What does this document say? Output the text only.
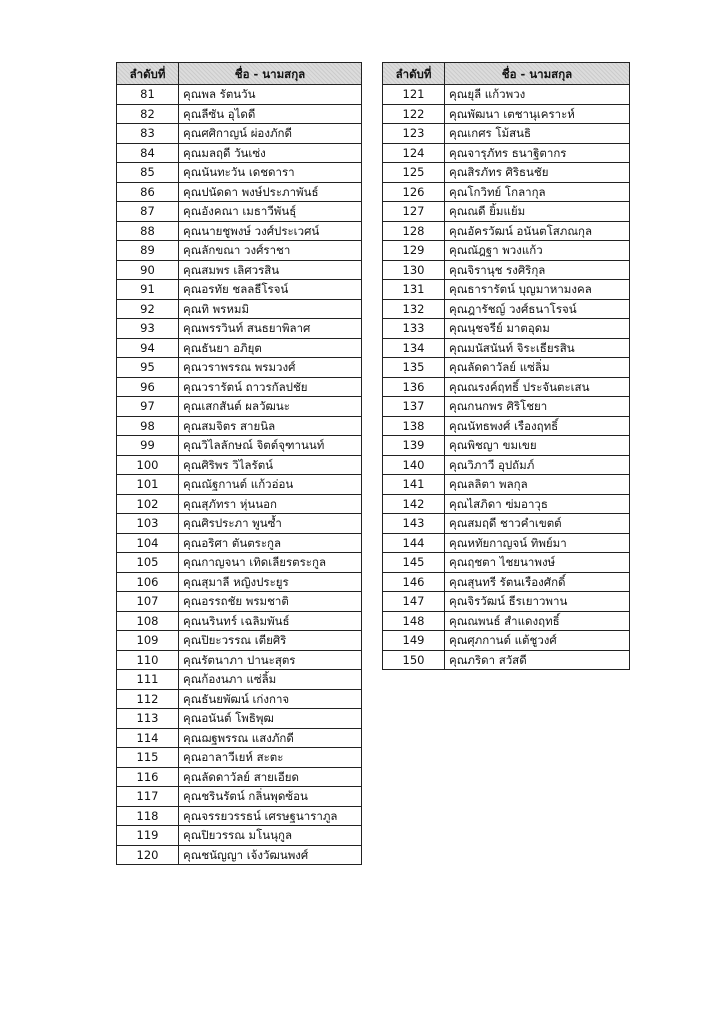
ลำดับที่	ชื่อ - นามสกุล
81	คุณพล รัตนวัน
82	คุณลีซัน อุไดดี
83	คุณศศิกาญน์ ผ่องภักดี
84	คุณมลฤดี วันเซ่ง
85	คุณนันทะวัน เดชดารา
86	คุณปนัดดา พงษ์ประภาพันธ์
87	คุณอังคณา เมธาวีพันธุ์
88	คุณนายชูพงษ์ วงศ์ประเวศน์
89	คุณลักขณา วงศ์ราชา
90	คุณสมพร เลิศวรสิน
91	คุณอรทัย ชลลธีโรจน์
92	คุณทิ พรหมมิ
93	คุณพรรวินท์ สนธยาพิลาศ
94	คุณธันยา อภิยุต
95	คุณวราพรรณ พรมวงศ์
96	คุณวรารัตน์ ถาวรกัลปชัย
97	คุณเสกสันต์ ผลวัฒนะ
98	คุณสมจิตร สายนิล
99	คุณวิไลลักษณ์ จิตต์จุฑานนท์
100	คุณศิริพร วิไลรัตน์
101	คุณณัฐกานต์ แก้วอ่อน
102	คุณสุภัทรา หุ่นนอก
103	คุณศิรประภา พูนซ้ำ
104	คุณอริศา ตันตระกูล
105	คุณกาญจนา เทิดเลียรตระกูล
106	คุณสุมาลี หญิงประยูร
107	คุณอรรถชัย พรมชาติ
108	คุณนรินทร์ เฉลิมพันธ์
109	คุณปิยะวรรณ เตียศิริ
110	คุณรัตนาภา ปานะสุตร
111	คุณก้องนภา แซ่ลิ้ม
112	คุณธันยพัฒน์ เก่งกาจ
113	คุณอนันต์ โพธิพุฒ
114	คุณฌฐพรรณ แสงภักดี
115	คุณอาลาวีเยห์ สะตะ
116	คุณลัดดาวัลย์ สายเอียด
117	คุณชรินรัตน์ กลิ่นพุดซ้อน
118	คุณจรรยวรรธน์ เศรษฐนาราภูล
119	คุณปิยวรรณ มโนนุกูล
120	คุณชนัญญา เจ้งวัฒนพงศ์
ลำดับที่	ชื่อ - นามสกุล
121	คุณยุลี แก้วพวง
122	คุณพัฒนา เตชานุเคราะห์
123	คุณเกศร โม้สนธิ
124	คุณจารุภัทร ธนาฐิตากร
125	คุณสิรภัทร ศิริธนชัย
126	คุณโกวิทย์ โกลากุล
127	คุณณดี ยิ้มแย้ม
128	คุณอัครวัฒน์ อนันตโสภณกุล
129	คุณณัฎฐา พวงแก้ว
130	คุณจิรานุช รงศิริกุล
131	คุณธารารัตน์ บุญมาหามงคล
132	คุณฎารัชญ์ วงศ์ธนาโรจน์
133	คุณนุชจรีย์ มาตอุดม
134	คุณมนัสนันท์ จิระเธียรสิน
135	คุณลัดดาวัลย์ แซ่ลิ่ม
136	คุณณรงค์ฤทธิ์ ประจันตะเสน
137	คุณกนกพร ศิริโชยา
138	คุณนัทธพงศ์ เรืองฤทธิ์
139	คุณพิชญา ขมเขย
140	คุณวิภาวี อุปถัมภ์
141	คุณลลิตา พลกุล
142	คุณไสภิดา ฃ่มอาวุธ
143	คุณสมฤดี ชาวคำเขตต์
144	คุณหทัยกาญจน์ ทิพย์มา
145	คุณฤชตา ไชยนาพงษ์
146	คุณสุนทรี รัตนเรืองศักดิ์
147	คุณจิรวัฒน์ ธีรเยาวพาน
148	คุณณพนธ์ สำแดงฤทธิ์
149	คุณศุภกานต์ แต้ชูวงศ์
150	คุณภริดา สวัสดี
